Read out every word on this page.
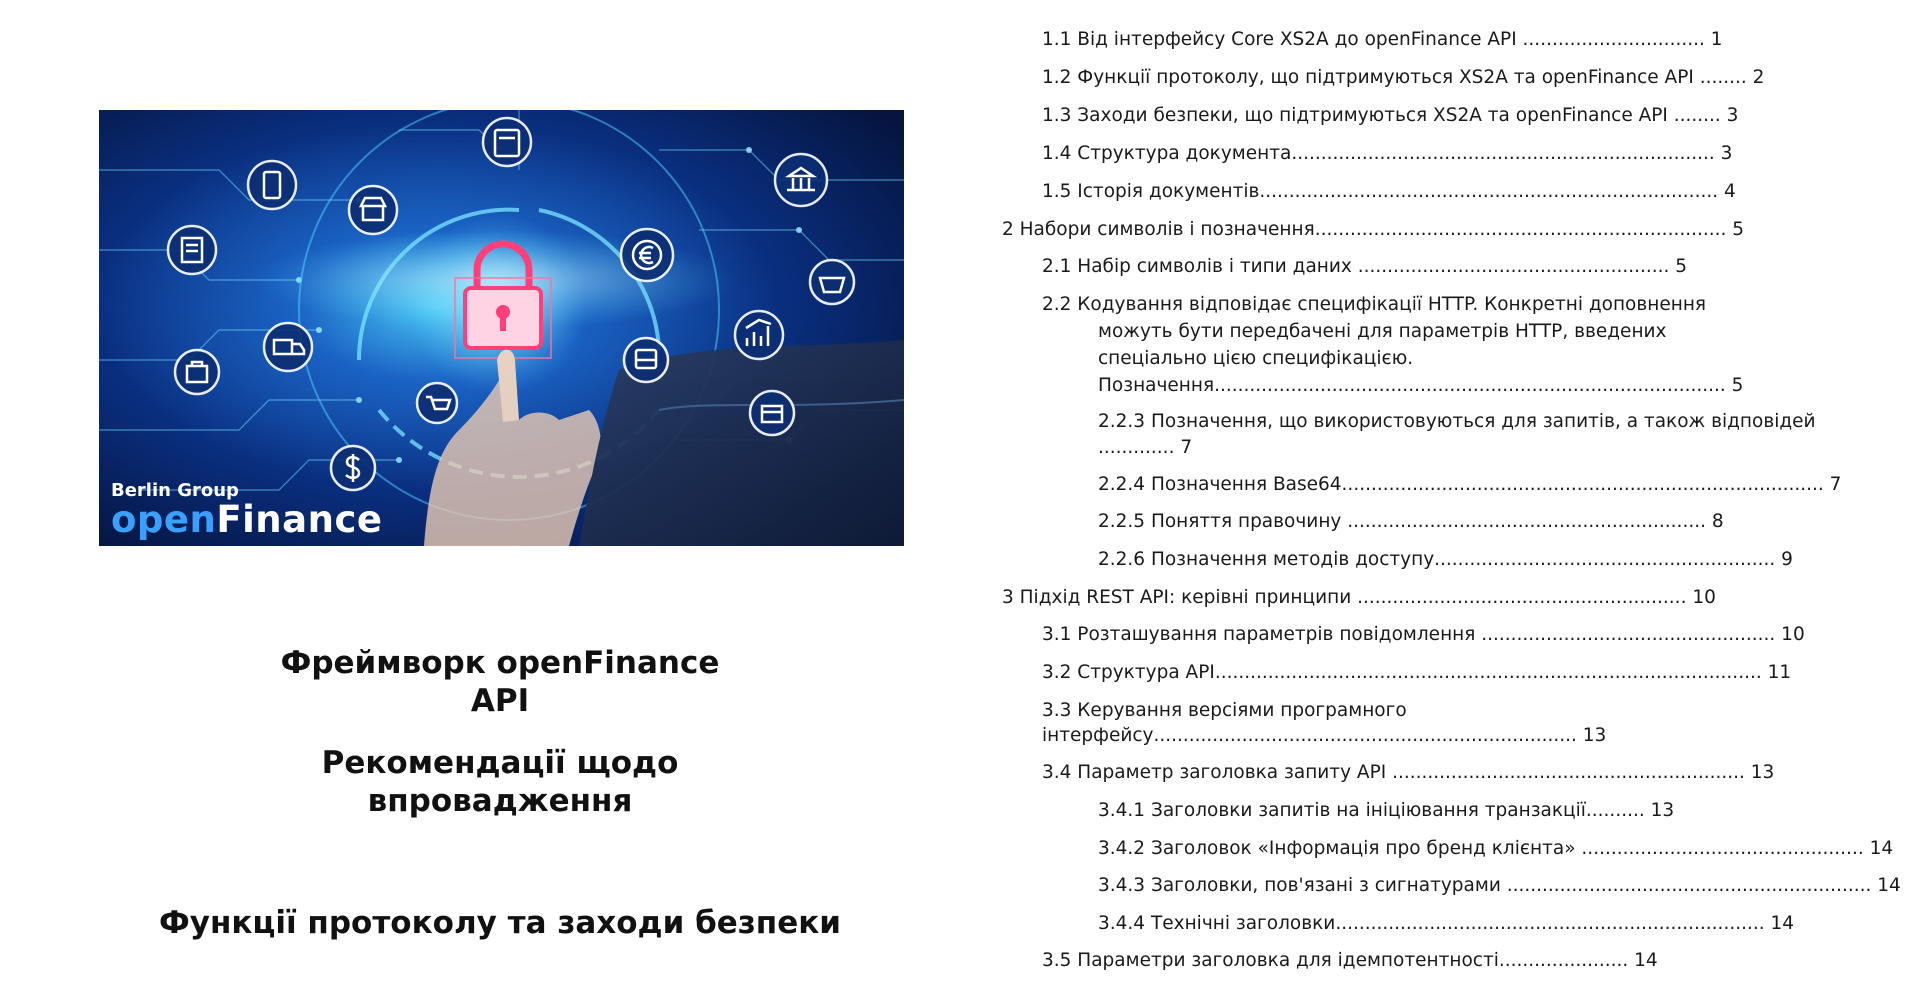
Berlin Group
openFinance
Фреймворк openFinance
API
Рекомендації щодо
впровадження
Функції протоколу та заходи безпеки
1.1 Від інтерфейсу Core XS2A до openFinance API ............................... 1
1.2 Функції протоколу, що підтримуються XS2A та openFinance API ........ 2
1.3 Заходи безпеки, що підтримуються XS2A та openFinance API ........ 3
1.4 Структура документа........................................................................ 3
1.5 Історія документів.............................................................................. 4
2 Набори символів і позначення...................................................................... 5
2.1 Набір символів і типи даних ..................................................... 5
2.2 Кодування відповідає специфікації HTTP. Конкретні доповнення
можуть бути передбачені для параметрів HTTP, введених
спеціально цією специфікацією.
Позначення....................................................................................... 5
2.2.3 Позначення, що використовуються для запитів, а також відповідей
............. 7
2.2.4 Позначення Base64.................................................................................. 7
2.2.5 Поняття правочину ............................................................. 8
2.2.6 Позначення методів доступу.......................................................... 9
3 Підхід REST API: керівні принципи ........................................................ 10
3.1 Розташування параметрів повідомлення .................................................. 10
3.2 Структура API............................................................................................. 11
3.3 Керування версіями програмного
інтерфейсу........................................................................ 13
3.4 Параметр заголовка запиту API ............................................................ 13
3.4.1 Заголовки запитів на ініціювання транзакції.......... 13
3.4.2 Заголовок «Інформація про бренд клієнта» ................................................ 14
3.4.3 Заголовки, пов'язані з сигнатурами .............................................................. 14
3.4.4 Технічні заголовки......................................................................... 14
3.5 Параметри заголовка для ідемпотентності...................... 14
